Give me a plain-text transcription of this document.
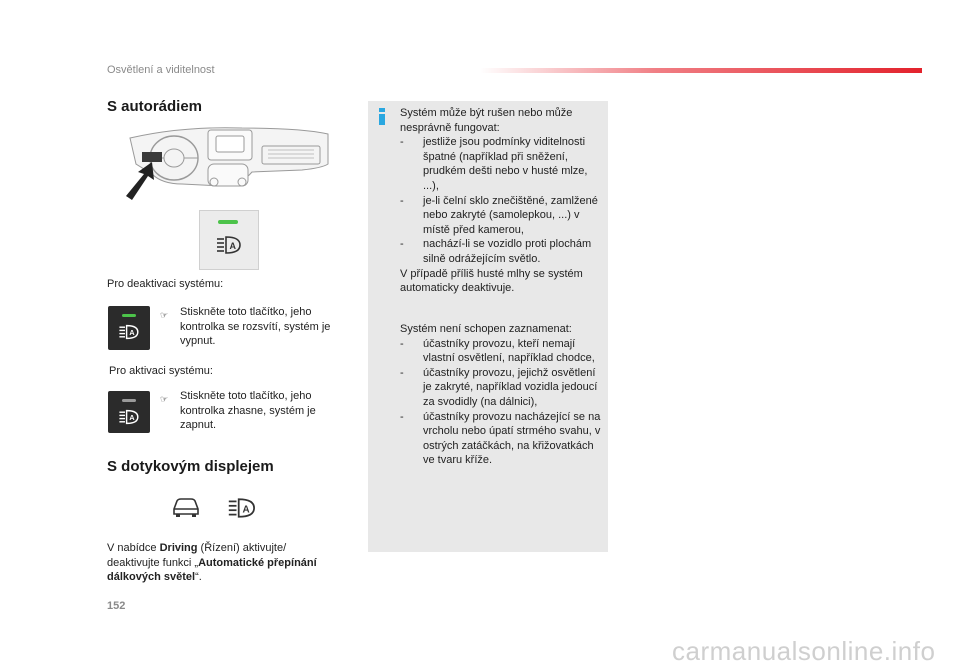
Osvětlení a viditelnost
S autorádiem
A
Pro deaktivaci systému:
A
☞ Stiskněte toto tlačítko, jeho kontrolka se rozsvítí, systém je vypnut.
Pro aktivaci systému:
A
☞ Stiskněte toto tlačítko, jeho kontrolka zhasne, systém je zapnut.
S dotykovým displejem
A
V nabídce Driving (Řízení) aktivujte/ deaktivujte funkci „Automatické přepínání dálkových světel“.
Systém může být rušen nebo může nesprávně fungovat:
- jestliže jsou podmínky viditelnosti špatné (například při sněžení, prudkém dešti nebo v husté mlze, ...),
- je-li čelní sklo znečištěné, zamlžené nebo zakryté (samolepkou, ...) v místě před kamerou,
- nachází-li se vozidlo proti plochám silně odrážejícím světlo.
V případě příliš husté mlhy se systém automaticky deaktivuje.
Systém není schopen zaznamenat:
- účastníky provozu, kteří nemají vlastní osvětlení, například chodce,
- účastníky provozu, jejichž osvětlení je zakryté, například vozidla jedoucí za svodidly (na dálnici),
- účastníky provozu nacházející se na vrcholu nebo úpatí strmého svahu, v ostrých zatáčkách, na křižovatkách ve tvaru kříže.
152
carmanualsonline.info
